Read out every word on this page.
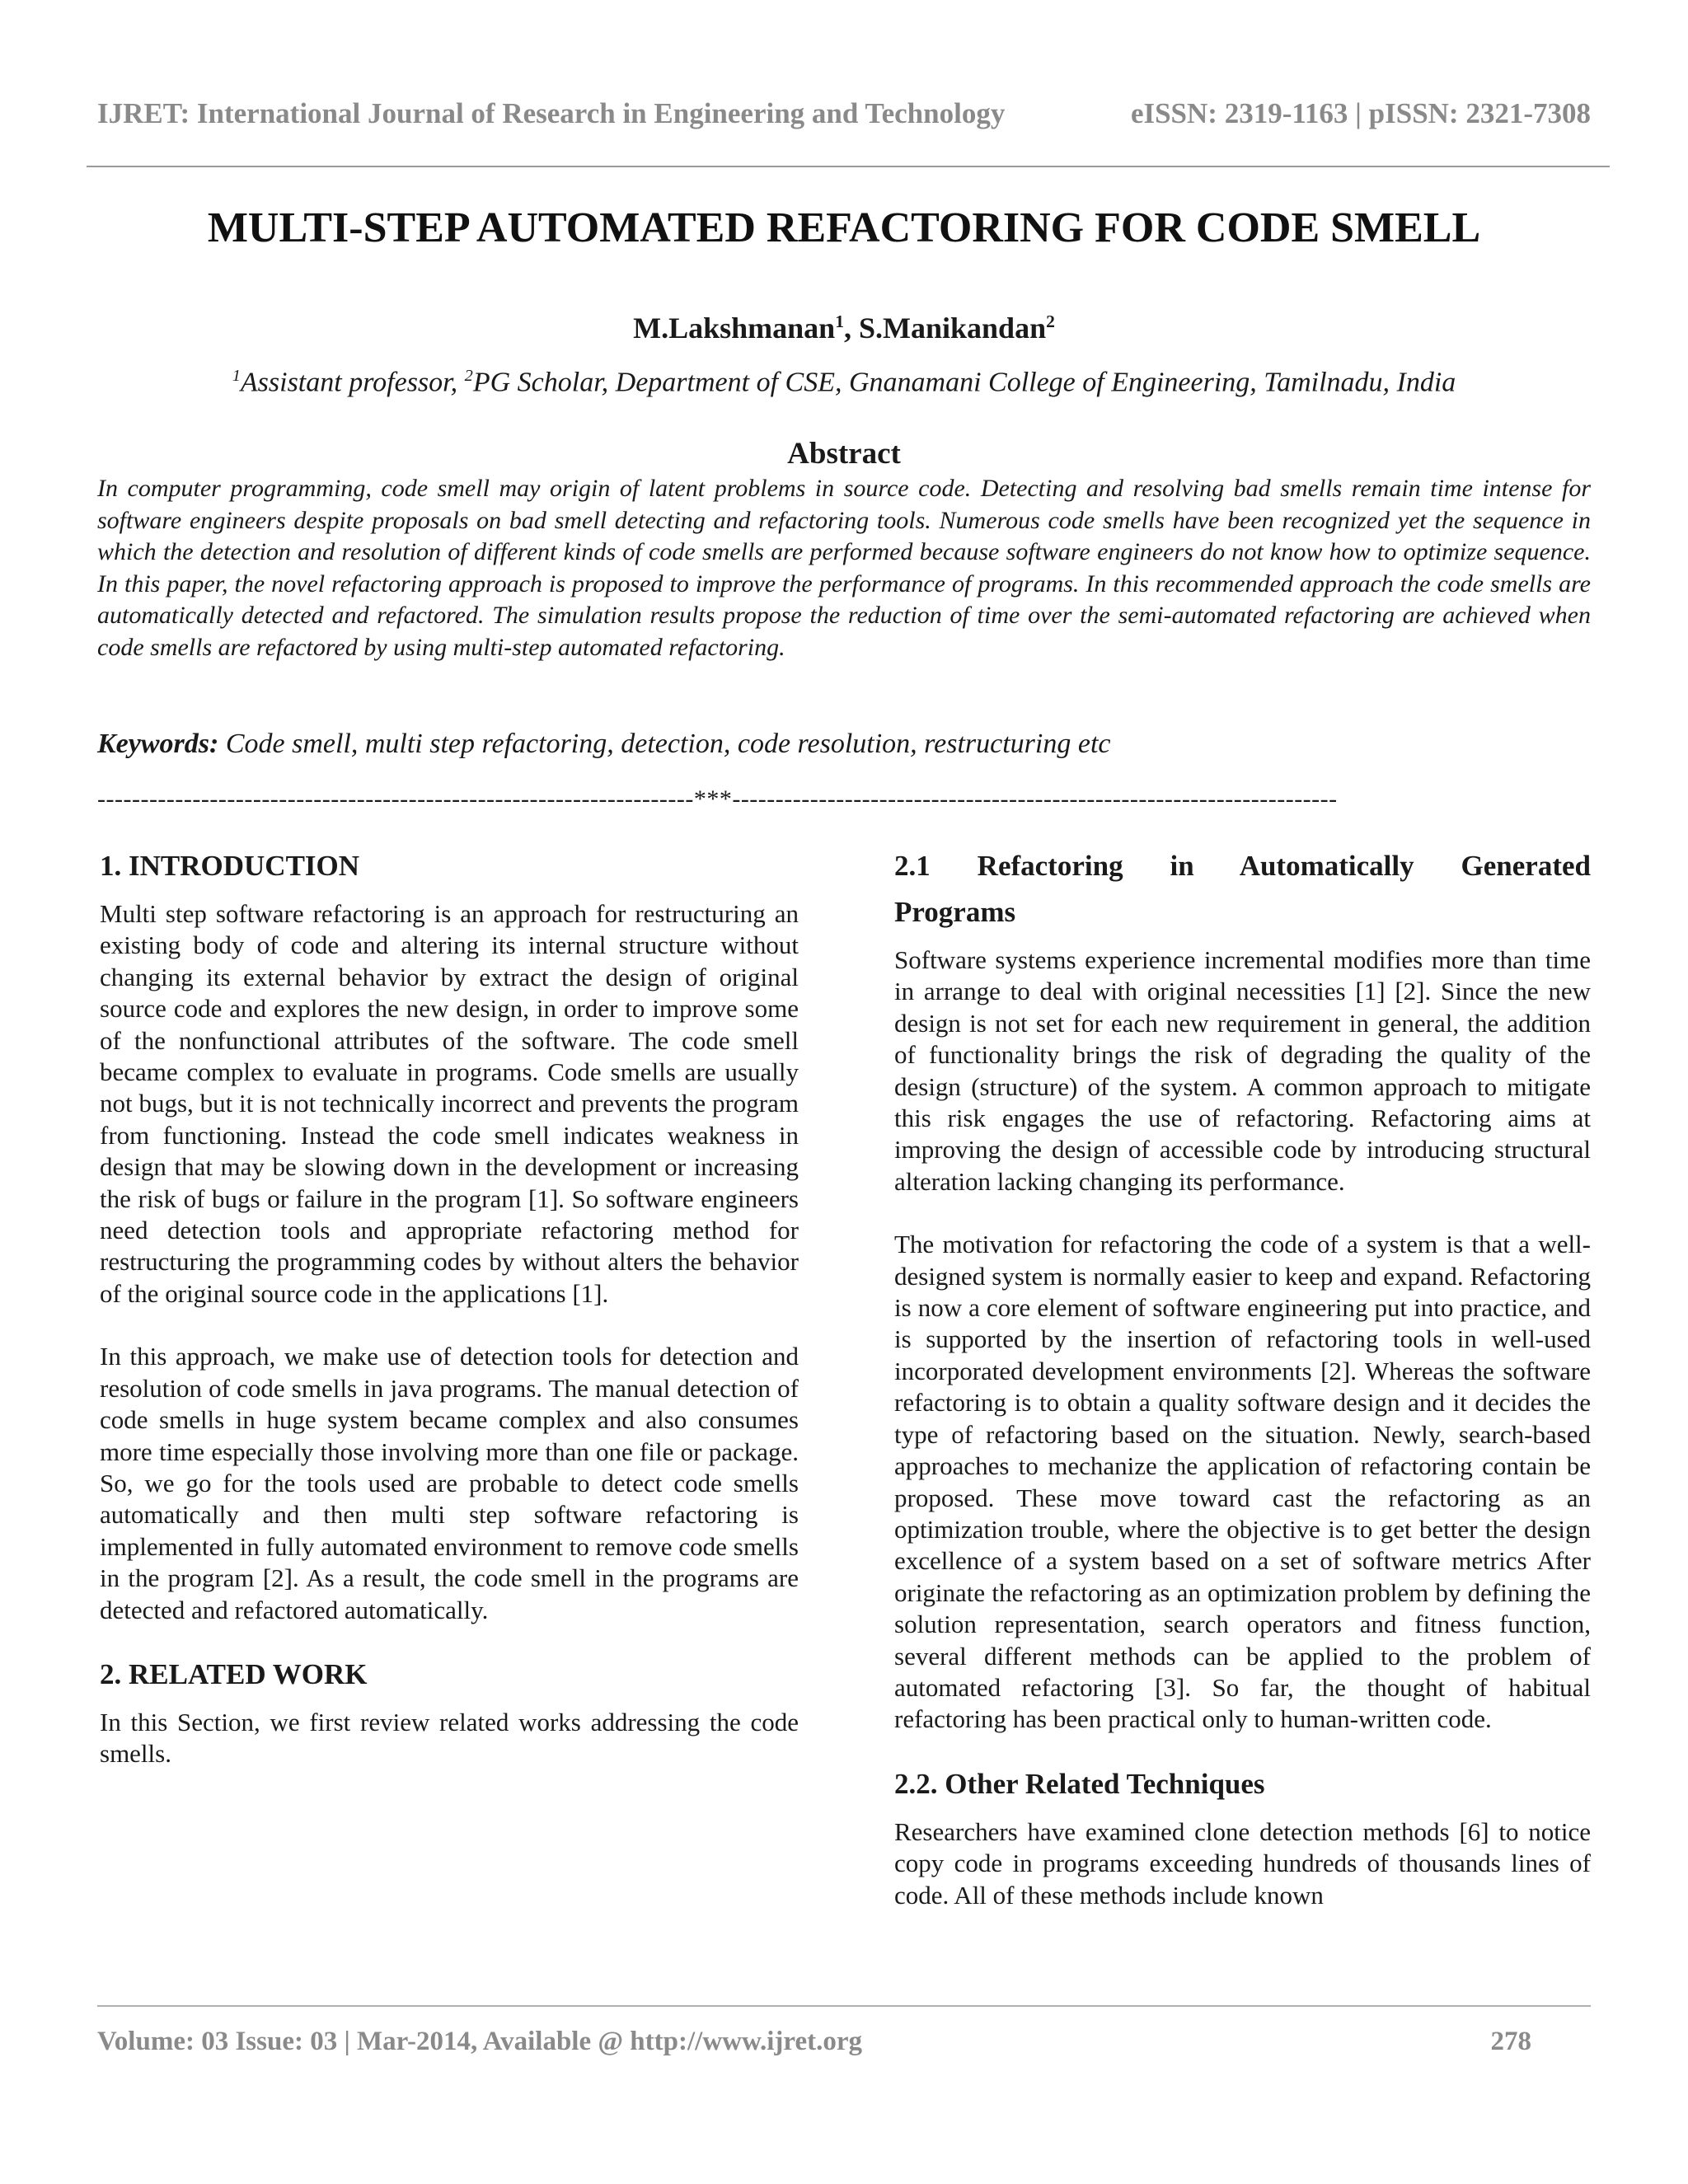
IJRET: International Journal of Research in Engineering and Technology	eISSN: 2319-1163 | pISSN: 2321-7308
MULTI-STEP AUTOMATED REFACTORING FOR CODE SMELL
M.Lakshmanan$^1$, S.Manikandan$^2$
$^1$Assistant professor, $^2$PG Scholar, Department of CSE, Gnanamani College of Engineering, Tamilnadu, India
Abstract
In computer programming, code smell may origin of latent problems in source code. Detecting and resolving bad smells remain time intense for software engineers despite proposals on bad smell detecting and refactoring tools. Numerous code smells have been recognized yet the sequence in which the detection and resolution of different kinds of code smells are performed because software engineers do not know how to optimize sequence. In this paper, the novel refactoring approach is proposed to improve the performance of programs. In this recommended approach the code smells are automatically detected and refactored. The simulation results propose the reduction of time over the semi-automated refactoring are achieved when code smells are refactored by using multi-step automated refactoring.
Keywords: Code smell, multi step refactoring, detection, code resolution, restructuring etc
---------------------------------------------------------------------***----------------------------------------------------------------------
1. INTRODUCTION

Multi step software refactoring is an approach for restructuring an existing body of code and altering its internal structure without changing its external behavior by extract the design of original source code and explores the new design, in order to improve some of the nonfunctional attributes of the software. The code smell became complex to evaluate in programs. Code smells are usually not bugs, but it is not technically incorrect and prevents the program from functioning. Instead the code smell indicates weakness in design that may be slowing down in the development or increasing the risk of bugs or failure in the program [1]. So software engineers need detection tools and appropriate refactoring method for restructuring the programming codes by without alters the behavior of the original source code in the applications [1].

In this approach, we make use of detection tools for detection and resolution of code smells in java programs. The manual detection of code smells in huge system became complex and also consumes more time especially those involving more than one file or package. So, we go for the tools used are probable to detect code smells automatically and then multi step software refactoring is implemented in fully automated environment to remove code smells in the program [2]. As a result, the code smell in the programs are detected and refactored automatically.

2. RELATED WORK

In this Section, we first review related works addressing the code smells.

2.1 Refactoring in Automatically Generated
Programs

Software systems experience incremental modifies more than time in arrange to deal with original necessities [1] [2]. Since the new design is not set for each new requirement in general, the addition of functionality brings the risk of degrading the quality of the design (structure) of the system. A common approach to mitigate this risk engages the use of refactoring. Refactoring aims at improving the design of accessible code by introducing structural alteration lacking changing its performance.

The motivation for refactoring the code of a system is that a well-designed system is normally easier to keep and expand. Refactoring is now a core element of software engineering put into practice, and is supported by the insertion of refactoring tools in well-used incorporated development environments [2]. Whereas the software refactoring is to obtain a quality software design and it decides the type of refactoring based on the situation. Newly, search-based approaches to mechanize the application of refactoring contain be proposed. These move toward cast the refactoring as an optimization trouble, where the objective is to get better the design excellence of a system based on a set of software metrics After originate the refactoring as an optimization problem by defining the solution representation, search operators and fitness function, several different methods can be applied to the problem of automated refactoring [3]. So far, the thought of habitual refactoring has been practical only to human-written code.

2.2. Other Related Techniques

Researchers have examined clone detection methods [6] to notice copy code in programs exceeding hundreds of thousands lines of code. All of these methods include known

Volume: 03 Issue: 03 | Mar-2014, Available @ http://www.ijret.org	278
